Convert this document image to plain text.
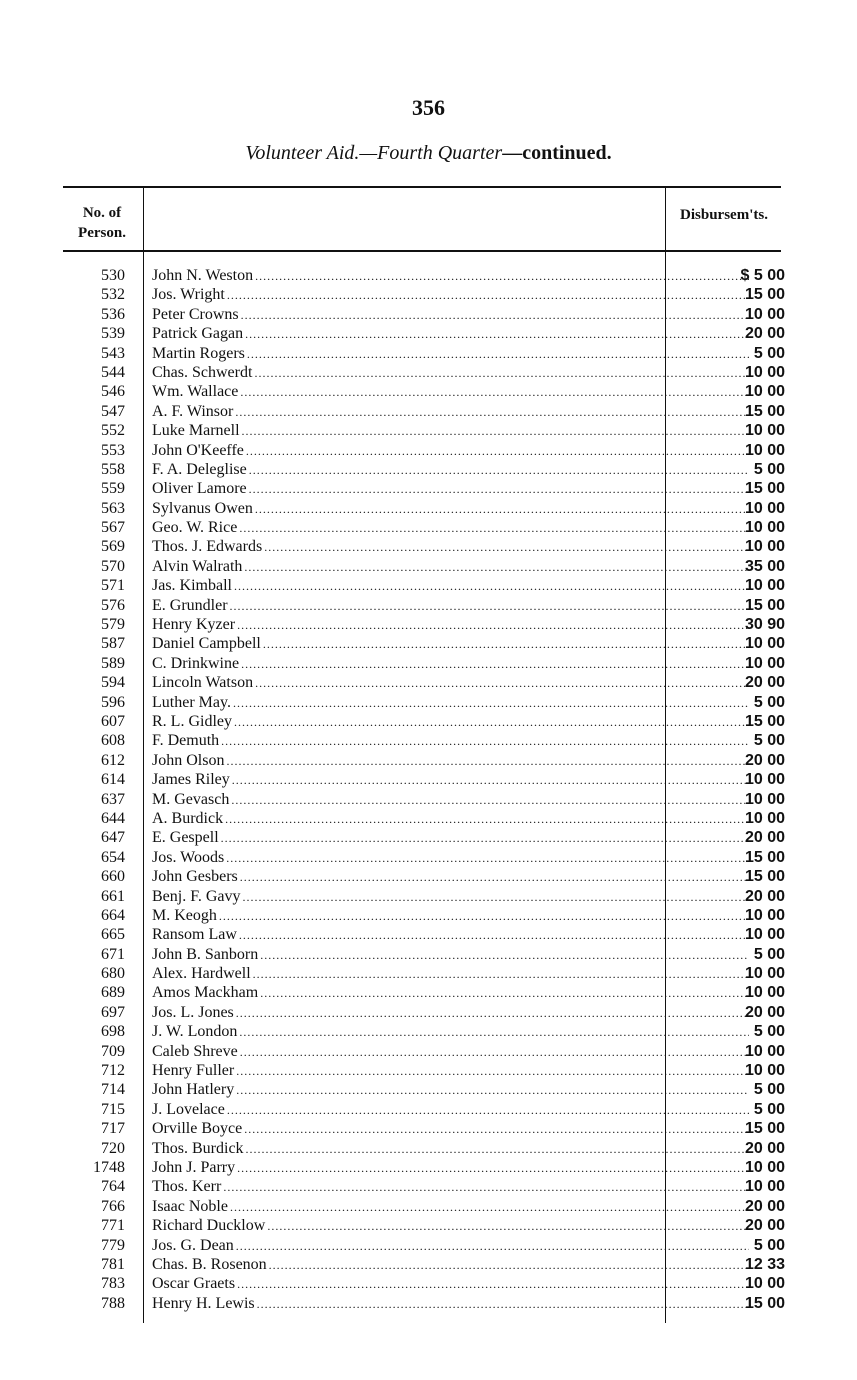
356
Volunteer Aid.—Fourth Quarter—continued.
No. of Person.
Disbursem'ts.
530 John N. Weston .....	$ 5 00
532 Jos. Wright .....	15 00
536 Peter Crowns .....	10 00
539 Patrick Gagan .....	20 00
543 Martin Rogers .....	5 00
544 Chas. Schwerdt .....	10 00
546 Wm. Wallace .....	10 00
547 A. F. Winsor .....	15 00
552 Luke Marnell .....	10 00
553 John O'Keeffe .....	10 00
558 F. A. Deleglise .....	5 00
559 Oliver Lamore .....	15 00
563 Sylvanus Owen .....	10 00
567 Geo. W. Rice .....	10 00
569 Thos. J. Edwards .....	10 00
570 Alvin Walrath .....	35 00
571 Jas. Kimball .....	10 00
576 E. Grundler .....	15 00
579 Henry Kyzer .....	30 90
587 Daniel Campbell .....	10 00
589 C. Drinkwine .....	10 00
594 Lincoln Watson .....	20 00
596 Luther May. .....	5 00
607 R. L. Gidley .....	15 00
608 F. Demuth .....	5 00
612 John Olson .....	20 00
614 James Riley .....	10 00
637 M. Gevasch .....	10 00
644 A. Burdick .....	10 00
647 E. Gespell .....	20 00
654 Jos. Woods .....	15 00
660 John Gesbers .....	15 00
661 Benj. F. Gavy .....	20 00
664 M. Keogh .....	10 00
665 Ransom Law .....	10 00
671 John B. Sanborn .....	5 00
680 Alex. Hardwell .....	10 00
689 Amos Mackham .....	10 00
697 Jos. L. Jones .....	20 00
698 J. W. London .....	5 00
709 Caleb Shreve .....	10 00
712 Henry Fuller .....	10 00
714 John Hatlery .....	5 00
715 J. Lovelace .....	5 00
717 Orville Boyce .....	15 00
720 Thos. Burdick .....	20 00
1748 John J. Parry .....	10 00
764 Thos. Kerr .....	10 00
766 Isaac Noble .....	20 00
771 Richard Ducklow .....	20 00
779 Jos. G. Dean .....	5 00
781 Chas. B. Rosenon .....	12 33
783 Oscar Graets .....	10 00
788 Henry H. Lewis .....	15 00
